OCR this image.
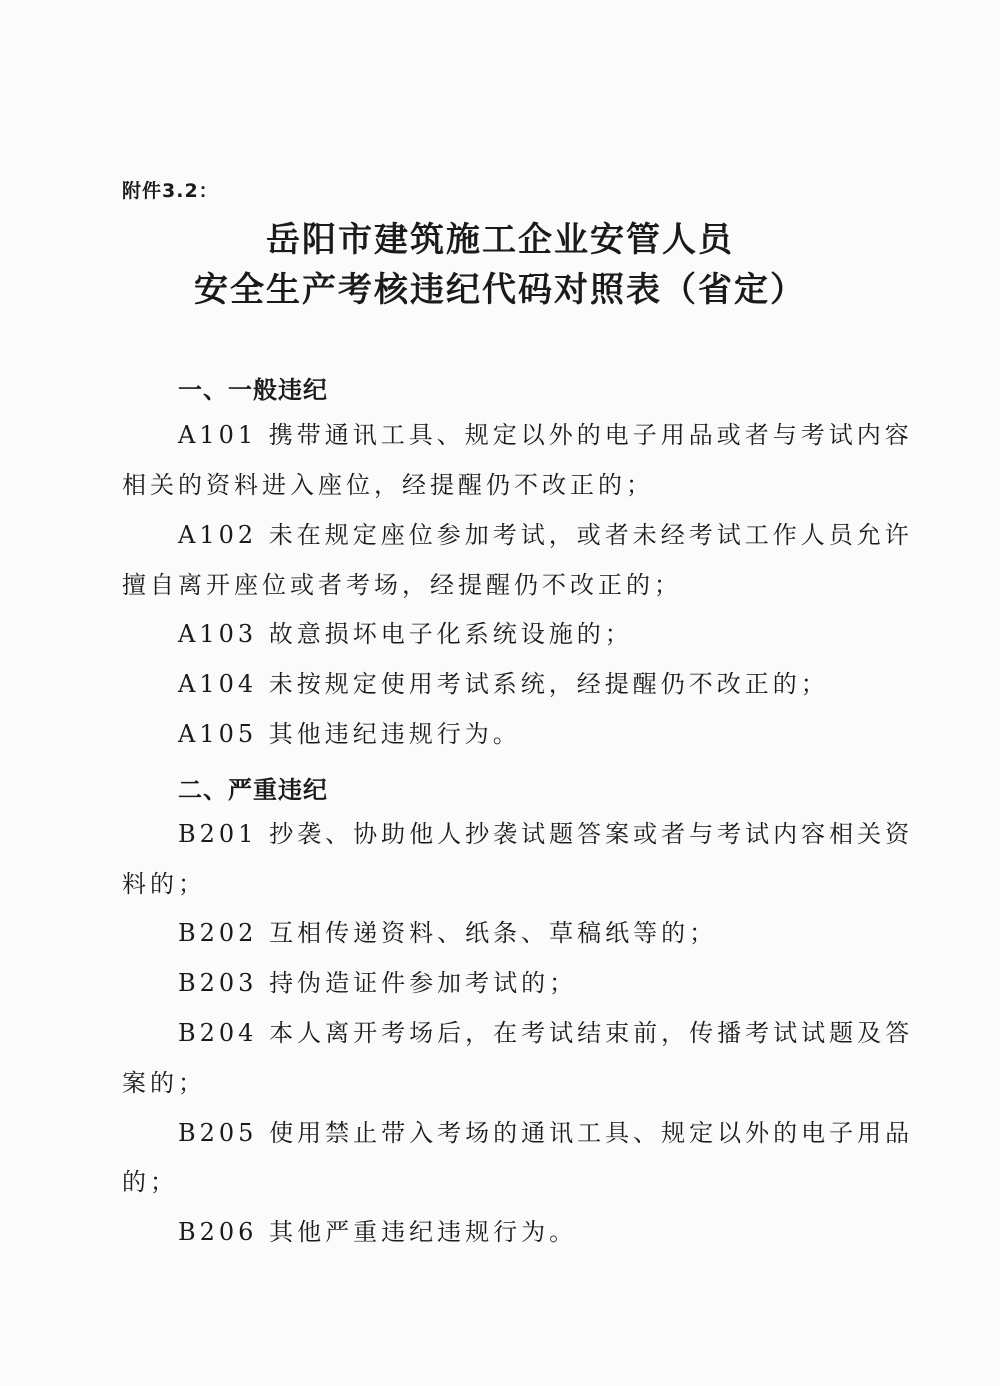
附件3.2：
岳阳市建筑施工企业安管人员
安全生产考核违纪代码对照表（省定）
一、一般违纪
A101 携带通讯工具、规定以外的电子用品或者与考试内容
相关的资料进入座位，经提醒仍不改正的；
A102 未在规定座位参加考试，或者未经考试工作人员允许
擅自离开座位或者考场，经提醒仍不改正的；
A103 故意损坏电子化系统设施的；
A104 未按规定使用考试系统，经提醒仍不改正的；
A105 其他违纪违规行为。
二、严重违纪
B201 抄袭、协助他人抄袭试题答案或者与考试内容相关资
料的；
B202 互相传递资料、纸条、草稿纸等的；
B203 持伪造证件参加考试的；
B204 本人离开考场后，在考试结束前，传播考试试题及答
案的；
B205 使用禁止带入考场的通讯工具、规定以外的电子用品
的；
B206 其他严重违纪违规行为。
